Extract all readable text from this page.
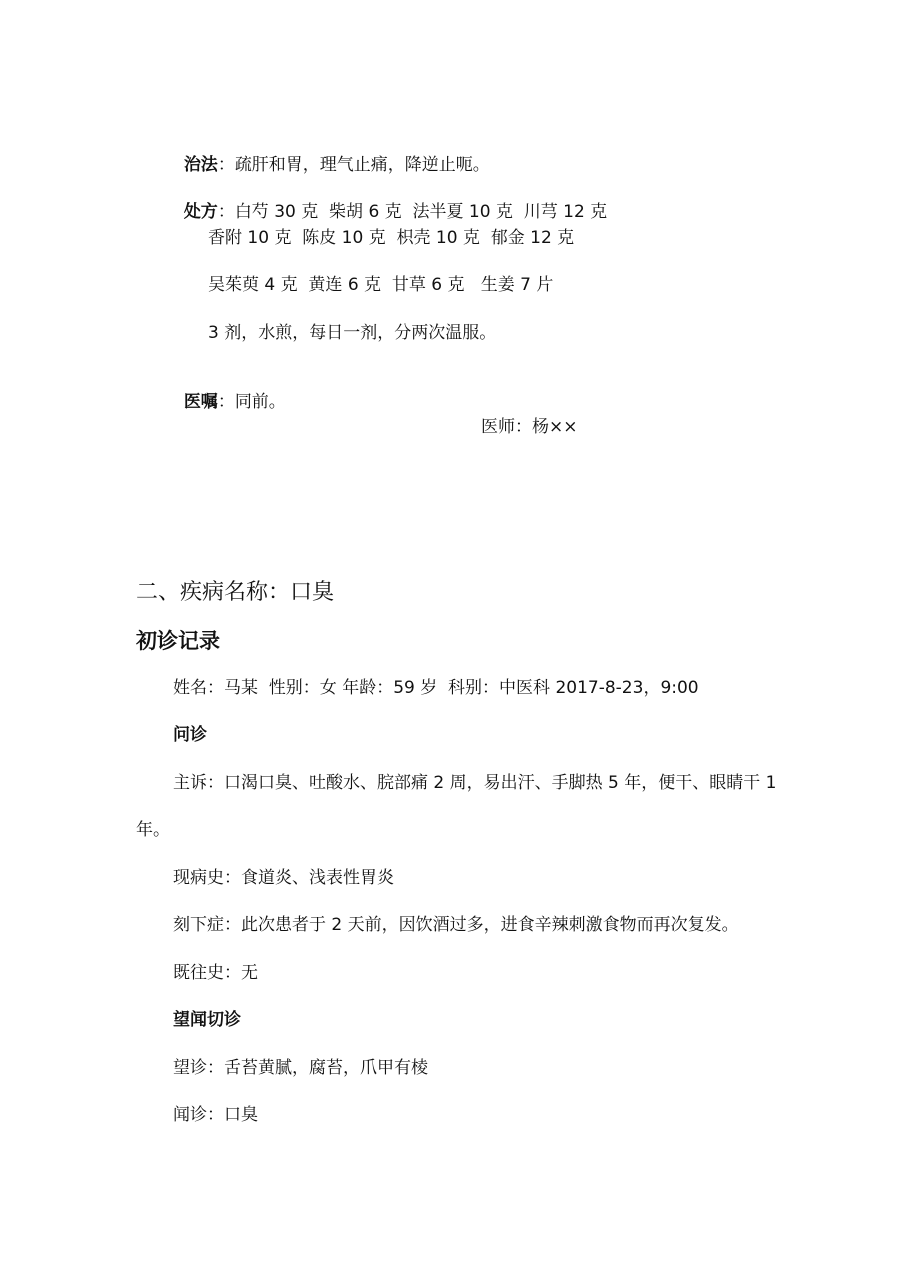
治法：疏肝和胃，理气止痛，降逆止呃。

处方：白芍 30 克  柴胡 6 克  法半夏 10 克  川芎 12 克

香附 10 克  陈皮 10 克  枳壳 10 克  郁金 12 克
吴茱萸 4 克  黄连 6 克  甘草 6 克   生姜 7 片
3 剂，水煎，每日一剂，分两次温服。

医嘱：同前。

医师：杨××
二、疾病名称：口臭
初诊记录
姓名：马某  性别：女 年龄：59 岁  科别：中医科 2017-8-23，9:00
问诊
主诉：口渴口臭、吐酸水、脘部痛 2 周，易出汗、手脚热 5 年，便干、眼睛干 1
年。
现病史：食道炎、浅表性胃炎
刻下症：此次患者于 2 天前，因饮酒过多，进食辛辣刺激食物而再次复发。
既往史：无
望闻切诊
望诊：舌苔黄腻，腐苔，爪甲有棱
闻诊：口臭
